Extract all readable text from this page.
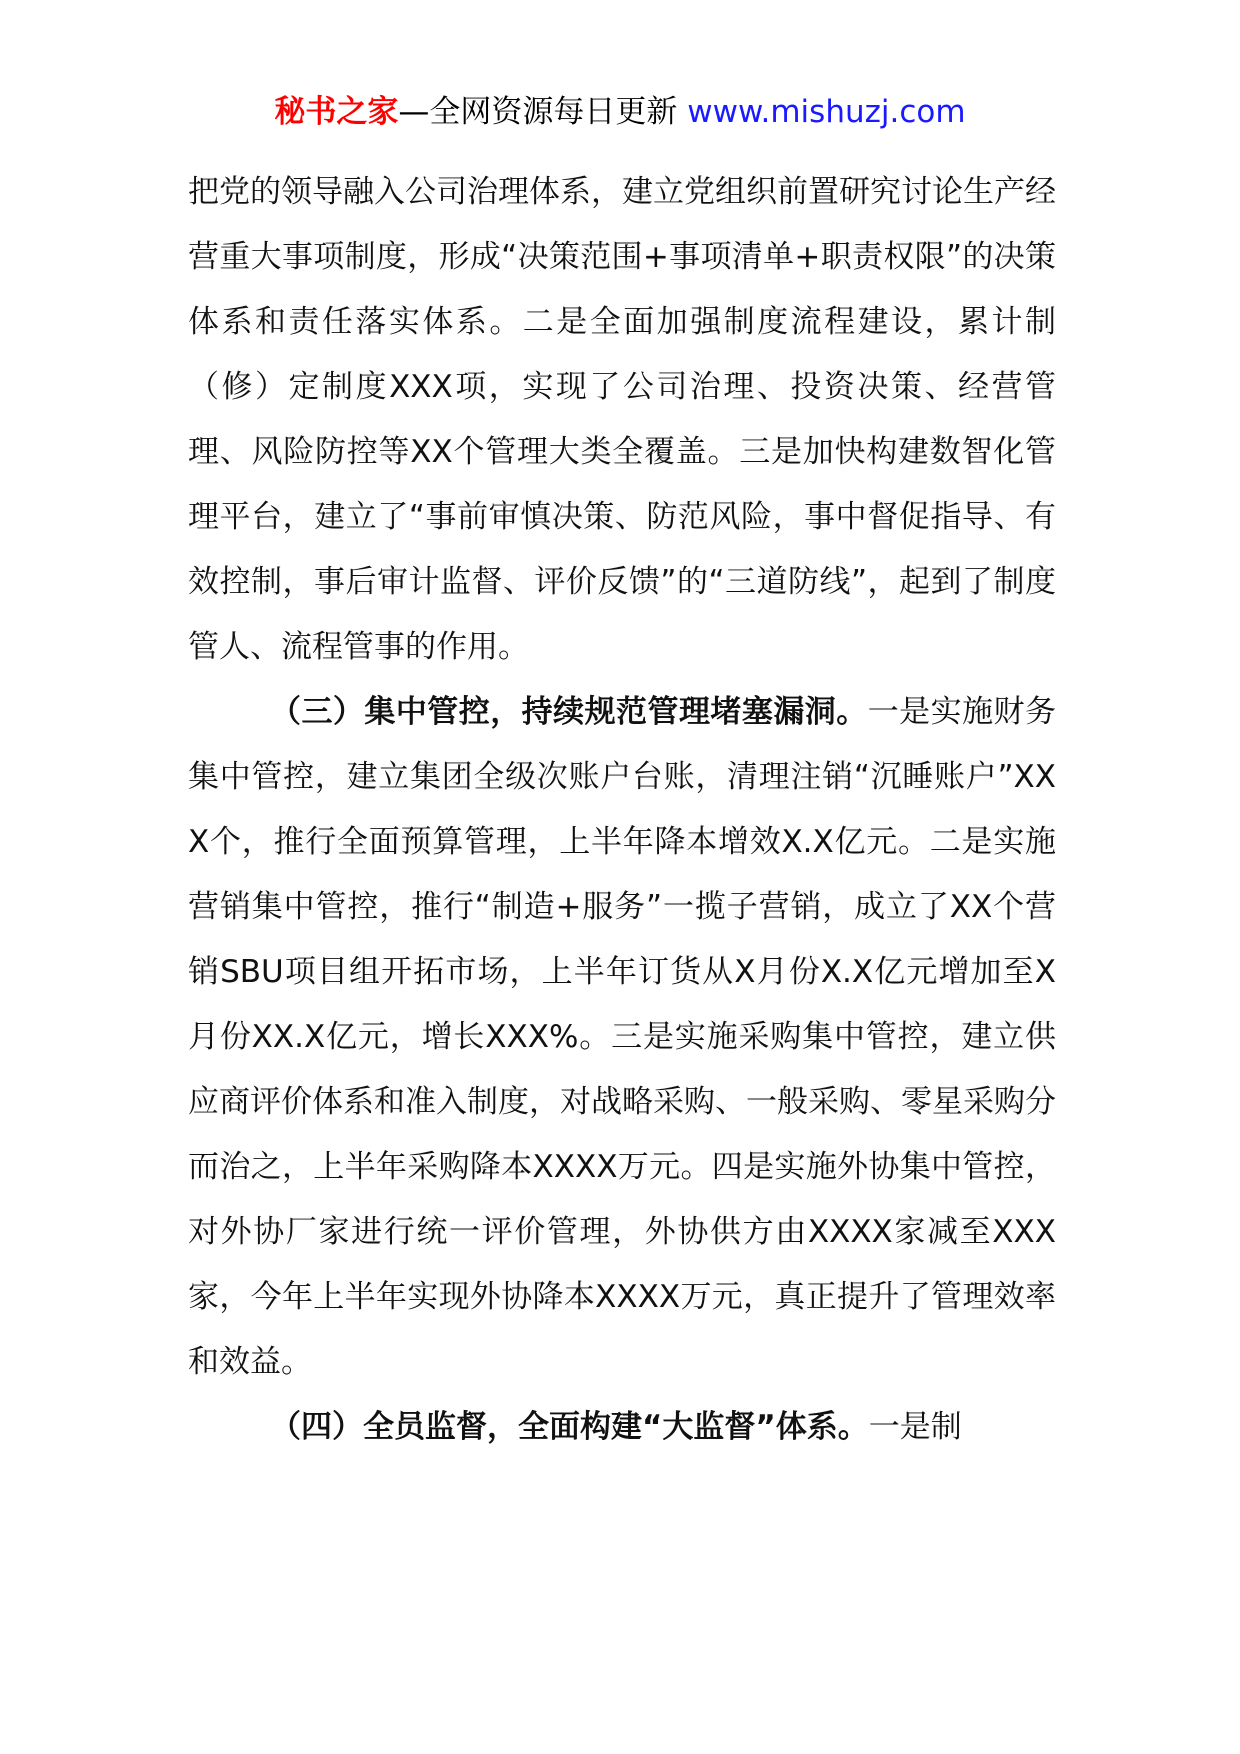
秘书之家—全网资源每日更新 www.mishuzj.com

把党的领导融入公司治理体系，建立党组织前置研究讨论生产经营重大事项制度，形成“决策范围+事项清单+职责权限”的决策体系和责任落实体系。二是全面加强制度流程建设，累计制（修）定制度XXX项，实现了公司治理、投资决策、经营管理、风险防控等XX个管理大类全覆盖。三是加快构建数智化管理平台，建立了“事前审慎决策、防范风险，事中督促指导、有效控制，事后审计监督、评价反馈”的“三道防线”，起到了制度管人、流程管事的作用。

（三）集中管控，持续规范管理堵塞漏洞。一是实施财务集中管控，建立集团全级次账户台账，清理注销“沉睡账户”XXX个，推行全面预算管理，上半年降本增效X.X亿元。二是实施营销集中管控，推行“制造+服务”一揽子营销，成立了XX个营销SBU项目组开拓市场，上半年订货从X月份X.X亿元增加至X月份XX.X亿元，增长XXX%。三是实施采购集中管控，建立供应商评价体系和准入制度，对战略采购、一般采购、零星采购分而治之，上半年采购降本XXXX万元。四是实施外协集中管控，对外协厂家进行统一评价管理，外协供方由XXXX家减至XXX家，今年上半年实现外协降本XXXX万元，真正提升了管理效率和效益。

（四）全员监督，全面构建“大监督”体系。一是制
